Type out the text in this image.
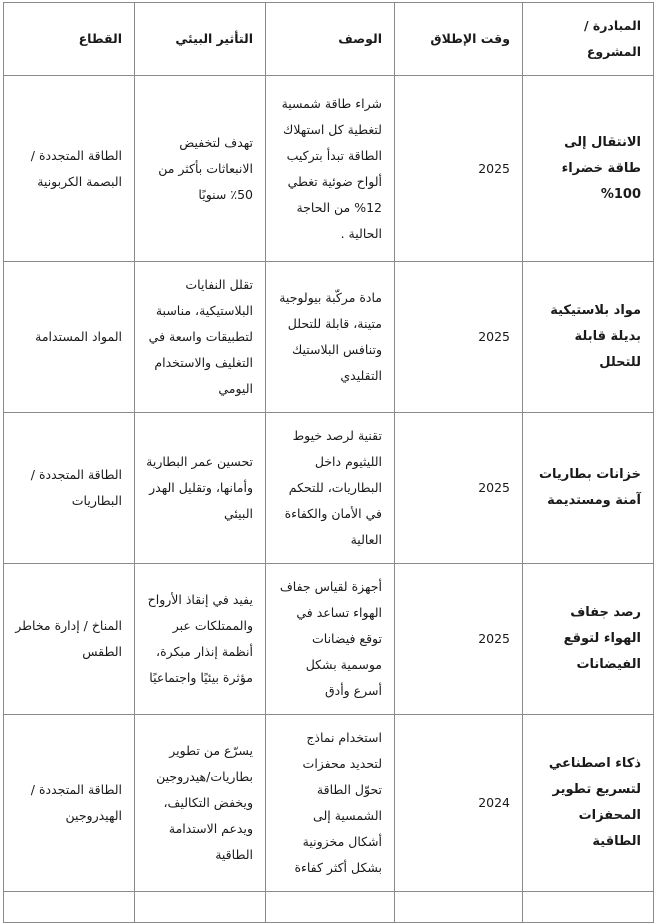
المبادرة / المشروع	وقت الإطلاق	الوصف	التأثير البيئي	القطاع
الانتقال إلى طاقة خضراء 100%	2025	شراء طاقة شمسية لتغطية كل استهلاك الطاقة تبدأ بتركيب ألواح ضوئية تغطي 12% من الحاجة الحالية .	تهدف لتخفيض الانبعاثات بأكثر من 50٪ سنويًا	الطاقة المتجددة / البصمة الكربونية
مواد بلاستيكية بديلة قابلة للتحلل	2025	مادة مركّبة بيولوجية متينة، قابلة للتحلل وتنافس البلاستيك التقليدي	تقلل النفايات البلاستيكية، مناسبة لتطبيقات واسعة في التغليف والاستخدام اليومي	المواد المستدامة
خزانات بطاريات آمنة ومستديمة	2025	تقنية لرصد خيوط الليثيوم داخل البطاريات، للتحكم في الأمان والكفاءة العالية	تحسين عمر البطارية وأمانها، وتقليل الهدر البيئي	الطاقة المتجددة / البطاريات
رصد جفاف الهواء لتوقع الفيضانات	2025	أجهزة لقياس جفاف الهواء تساعد في توقع فيضانات موسمية بشكل أسرع وأدق	يفيد في إنقاذ الأرواح والممتلكات عبر أنظمة إنذار مبكرة، مؤثرة بيئيًا واجتماعيًا	المناخ / إدارة مخاطر الطقس
ذكاء اصطناعي لتسريع تطوير المحفزات الطاقية	2024	استخدام نماذج لتحديد محفزات تحوّل الطاقة الشمسية إلى أشكال مخزونية بشكل أكثر كفاءة	يسرّع من تطوير بطاريات/هيدروجين ويخفض التكاليف، ويدعم الاستدامة الطاقية	الطاقة المتجددة / الهيدروجين
